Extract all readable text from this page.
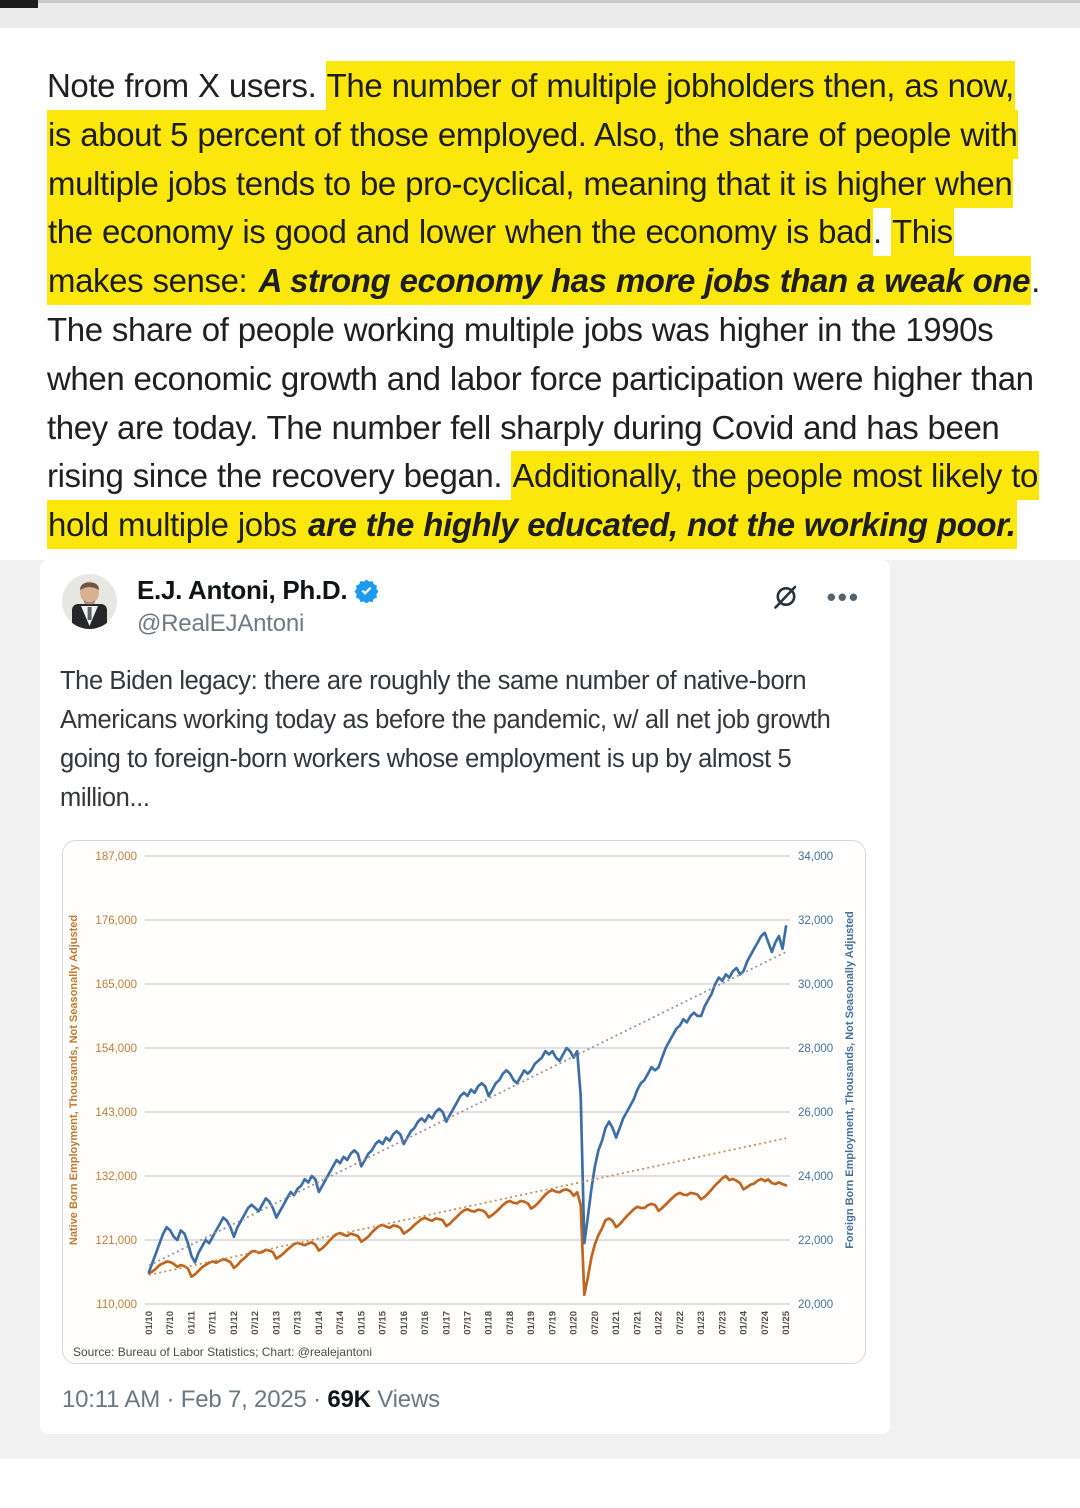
Note from X users. The number of multiple jobholders then, as now, is about 5 percent of those employed. Also, the share of people with multiple jobs tends to be pro-cyclical, meaning that it is higher when the economy is good and lower when the economy is bad. This makes sense: A strong economy has more jobs than a weak one. The share of people working multiple jobs was higher in the 1990s when economic growth and labor force participation were higher than they are today. The number fell sharply during Covid and has been rising since the recovery began. Additionally, the people most likely to hold multiple jobs are the highly educated, not the working poor.

E.J. Antoni, Ph.D.
@RealEJAntoni
•••
The Biden legacy: there are roughly the same number of native-born Americans working today as before the pandemic, w/ all net job growth going to foreign-born workers whose employment is up by almost 5 million...
187,000	34,000
176,000	32,000
165,000	30,000
154,000	28,000
143,000	26,000
132,000	24,000
121,000	22,000
110,000	20,000
01/10 07/10 01/11 07/11 01/12 07/12 01/13 07/13 01/14 07/14 01/15 07/15 01/16 07/16 01/17 07/17 01/18 07/18 01/19 07/19 01/20 07/20 01/21 07/21 01/22 07/22 01/23 07/23 01/24 07/24 01/25
Native Born Employment, Thousands, Not Seasonally Adjusted	Foreign Born Employment, Thousands, Not Seasonally Adjusted
Source: Bureau of Labor Statistics; Chart: @realejantoni
10:11 AM · Feb 7, 2025 · 69K Views
